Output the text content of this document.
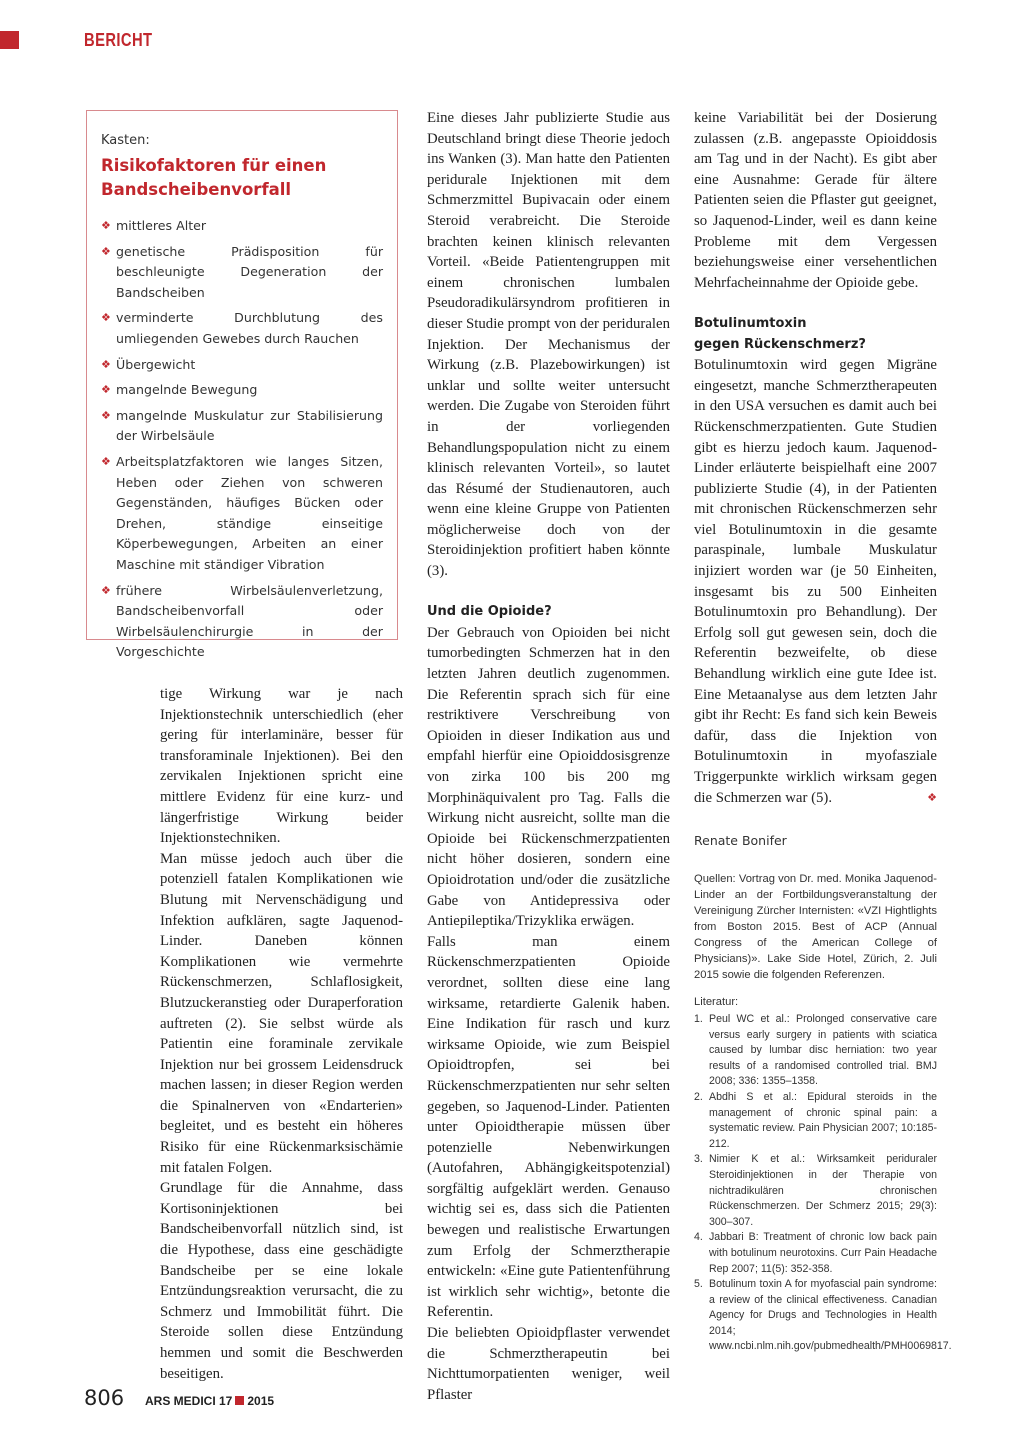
BERICHT
Kasten:
Risikofaktoren für einen
Bandscheibenvorfall
❖ mittleres Alter
❖ genetische Prädisposition für beschleunigte Degeneration der Bandscheiben
❖ verminderte Durchblutung des umliegenden Gewebes durch Rauchen
❖ Übergewicht
❖ mangelnde Bewegung
❖ mangelnde Muskulatur zur Stabilisierung der Wirbelsäule
❖ Arbeitsplatzfaktoren wie langes Sitzen, Heben oder Ziehen von schweren Gegenständen, häufiges Bücken oder Drehen, ständige einseitige Köperbewegungen, Arbeiten an einer Maschine mit ständiger Vibration
❖ frühere Wirbelsäulenverletzung, Bandscheibenvorfall oder Wirbelsäulenchirurgie in der Vorgeschichte

tige Wirkung war je nach Injektionstechnik unterschiedlich (eher gering für interlaminäre, besser für transforaminale Injektionen). Bei den zervikalen Injektionen spricht eine mittlere Evidenz für eine kurz- und längerfristige Wirkung beider Injektionstechniken.

Man müsse jedoch auch über die potenziell fatalen Komplikationen wie Blutung mit Nervenschädigung und Infektion aufklären, sagte Jaquenod-Linder. Daneben können Komplikationen wie vermehrte Rückenschmerzen, Schlaflosigkeit, Blutzuckeranstieg oder Duraperforation auftreten (2). Sie selbst würde als Patientin eine foraminale zervikale Injektion nur bei grossem Leidensdruck machen lassen; in dieser Region werden die Spinalnerven von «Endarterien» begleitet, und es besteht ein höheres Risiko für eine Rückenmarksischämie mit fatalen Folgen.

Grundlage für die Annahme, dass Kortisoninjektionen bei Bandscheibenvorfall nützlich sind, ist die Hypothese, dass eine geschädigte Bandscheibe per se eine lokale Entzündungsreaktion verursacht, die zu Schmerz und Immobilität führt. Die Steroide sollen diese Entzündung hemmen und somit die Beschwerden beseitigen.

Eine dieses Jahr publizierte Studie aus Deutschland bringt diese Theorie jedoch ins Wanken (3). Man hatte den Patienten peridurale Injektionen mit dem Schmerzmittel Bupivacain oder einem Steroid verabreicht. Die Steroide brachten keinen klinisch relevanten Vorteil. «Beide Patientengruppen mit einem chronischen lumbalen Pseudoradikulärsyndrom profitieren in dieser Studie prompt von der periduralen Injektion. Der Mechanismus der Wirkung (z.B. Plazebowirkungen) ist unklar und sollte weiter untersucht werden. Die Zugabe von Steroiden führt in der vorliegenden Behandlungspopulation nicht zu einem klinisch relevanten Vorteil», so lautet das Résumé der Studienautoren, auch wenn eine kleine Gruppe von Patienten möglicherweise doch von der Steroidinjektion profitiert haben könnte (3).

Und die Opioide?

Der Gebrauch von Opioiden bei nicht tumorbedingten Schmerzen hat in den letzten Jahren deutlich zugenommen. Die Referentin sprach sich für eine restriktivere Verschreibung von Opioiden in dieser Indikation aus und empfahl hierfür eine Opioiddosisgrenze von zirka 100 bis 200 mg Morphinäquivalent pro Tag. Falls die Wirkung nicht ausreicht, sollte man die Opioide bei Rückenschmerzpatienten nicht höher dosieren, sondern eine Opioidrotation und/oder die zusätzliche Gabe von Antidepressiva oder Antiepileptika/Trizyklika erwägen.

Falls man einem Rückenschmerzpatienten Opioide verordnet, sollten diese eine lang wirksame, retardierte Galenik haben. Eine Indikation für rasch und kurz wirksame Opioide, wie zum Beispiel Opioidtropfen, sei bei Rückenschmerzpatienten nur sehr selten gegeben, so Jaquenod-Linder. Patienten unter Opioidtherapie müssen über potenzielle Nebenwirkungen (Autofahren, Abhängigkeitspotenzial) sorgfältig aufgeklärt werden. Genauso wichtig sei es, dass sich die Patienten bewegen und realistische Erwartungen zum Erfolg der Schmerztherapie entwickeln: «Eine gute Patientenführung ist wirklich sehr wichtig», betonte die Referentin.

Die beliebten Opioidpflaster verwendet die Schmerztherapeutin bei Nichttumorpatienten weniger, weil Pflaster

keine Variabilität bei der Dosierung zulassen (z.B. angepasste Opioiddosis am Tag und in der Nacht). Es gibt aber eine Ausnahme: Gerade für ältere Patienten seien die Pflaster gut geeignet, so Jaquenod-Linder, weil es dann keine Probleme mit dem Vergessen beziehungsweise einer versehentlichen Mehrfacheinnahme der Opioide gebe.

Botulinumtoxin
gegen Rückenschmerz?

Botulinumtoxin wird gegen Migräne eingesetzt, manche Schmerztherapeuten in den USA versuchen es damit auch bei Rückenschmerzpatienten. Gute Studien gibt es hierzu jedoch kaum. Jaquenod-Linder erläuterte beispielhaft eine 2007 publizierte Studie (4), in der Patienten mit chronischen Rückenschmerzen sehr viel Botulinumtoxin in die gesamte paraspinale, lumbale Muskulatur injiziert worden war (je 50 Einheiten, insgesamt bis zu 500 Einheiten Botulinumtoxin pro Behandlung). Der Erfolg soll gut gewesen sein, doch die Referentin bezweifelte, ob diese Behandlung wirklich eine gute Idee ist. Eine Metaanalyse aus dem letzten Jahr gibt ihr Recht: Es fand sich kein Beweis dafür, dass die Injektion von Botulinumtoxin in myofasziale Triggerpunkte wirklich wirksam gegen die Schmerzen war (5).	❖

Renate Bonifer
Quellen: Vortrag von Dr. med. Monika Jaquenod-Linder an der Fortbildungsveranstaltung der Vereinigung Zürcher Internisten: «VZI Hightlights from Boston 2015. Best of ACP (Annual Congress of the American College of Physicians)». Lake Side Hotel, Zürich, 2. Juli 2015 sowie die folgenden Referenzen.
Literatur:
1. Peul WC et al.: Prolonged conservative care versus early surgery in patients with sciatica caused by lumbar disc herniation: two year results of a randomised controlled trial. BMJ 2008; 336: 1355–1358.
2. Abdhi S et al.: Epidural steroids in the management of chronic spinal pain: a systematic review. Pain Physician 2007; 10:185-212.
3. Nimier K et al.: Wirksamkeit periduraler Steroidinjektionen in der Therapie von nichtradikulären chronischen Rückenschmerzen. Der Schmerz 2015; 29(3): 300–307.
4. Jabbari B: Treatment of chronic low back pain with botulinum neurotoxins. Curr Pain Headache Rep 2007; 11(5): 352-358.
5. Botulinum toxin A for myofascial pain syndrome: a review of the clinical effectiveness. Canadian Agency for Drugs and Technologies in Health 2014; www.ncbi.nlm.nih.gov/pubmedhealth/PMH0069817.
806 ARS MEDICI 17 2015
